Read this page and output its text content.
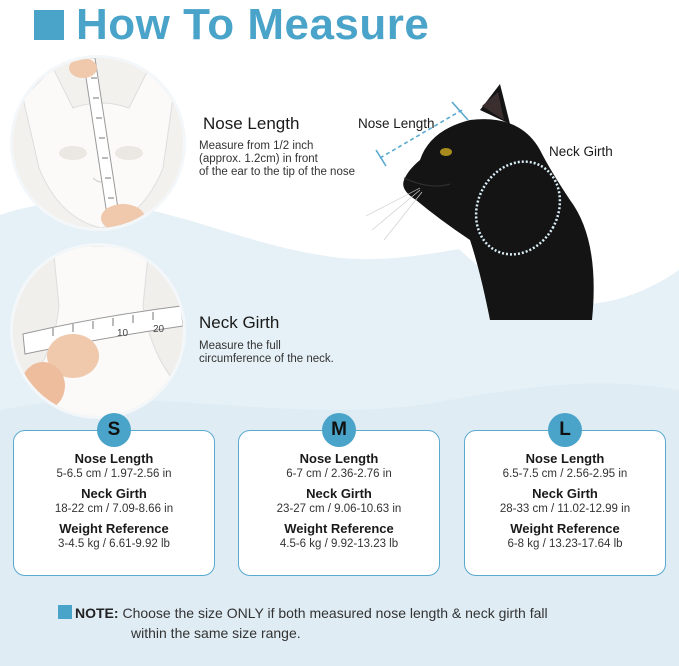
How To Measure
10 20
Nose Length
Measure from 1/2 inch
(approx. 1.2cm) in front
of the ear to the tip of the nose
Neck Girth
Measure the full
circumference of the neck.
Nose Length
Neck Girth
S
Nose Length
5-6.5 cm / 1.97-2.56 in
Neck Girth
18-22 cm / 7.09-8.66 in
Weight Reference
3-4.5 kg / 6.61-9.92 lb
M
Nose Length
6-7 cm / 2.36-2.76 in
Neck Girth
23-27 cm / 9.06-10.63 in
Weight Reference
4.5-6 kg / 9.92-13.23 lb
L
Nose Length
6.5-7.5 cm / 2.56-2.95 in
Neck Girth
28-33 cm / 11.02-12.99 in
Weight Reference
6-8 kg / 13.23-17.64 lb
NOTE: Choose the size ONLY if both measured nose length & neck girth fall
within the same size range.
